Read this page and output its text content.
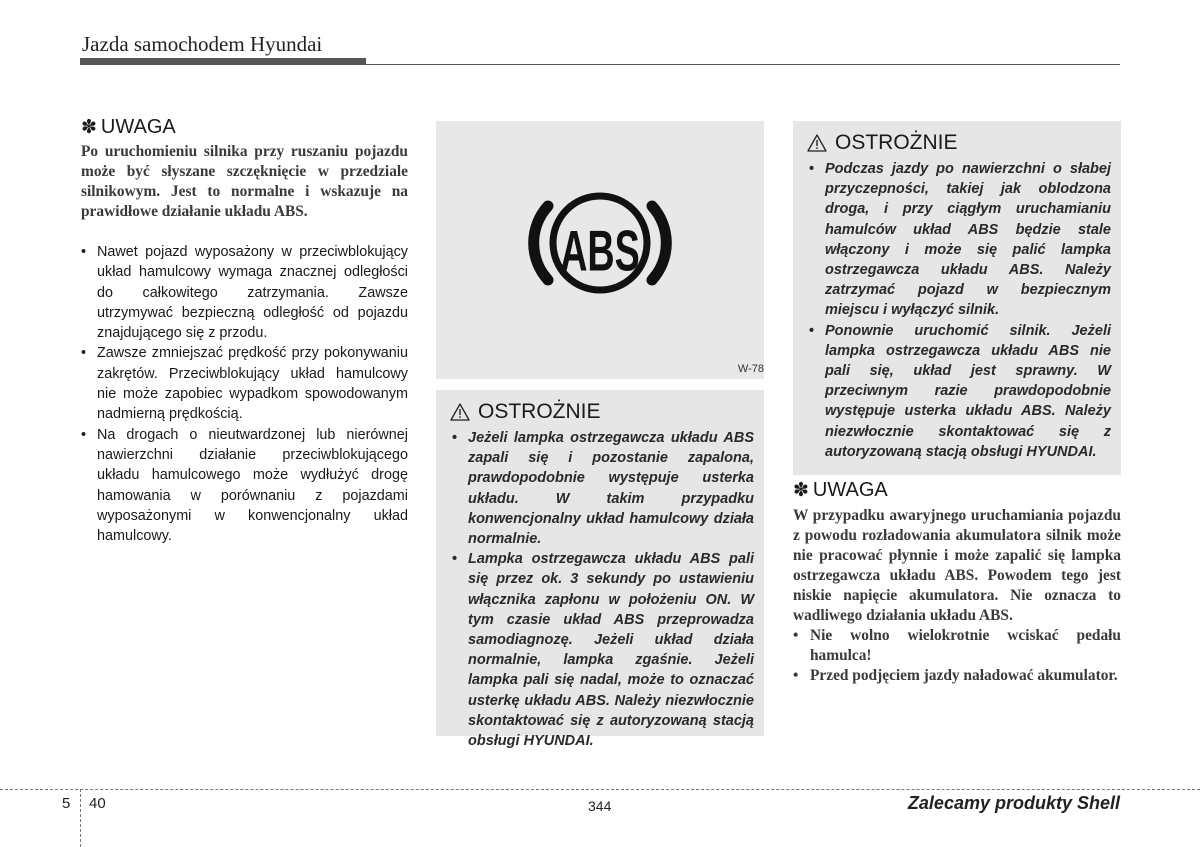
Jazda samochodem Hyundai
✽ UWAGA

Po uruchomieniu silnika przy ruszaniu pojazdu może być słyszane szczęknięcie w przedziale silnikowym. Jest to normalne i wskazuje na prawidłowe działanie układu ABS.

• Nawet pojazd wyposażony w przeciwblokujący układ hamulcowy wymaga znacznej odległości do całkowitego zatrzymania. Zawsze utrzymywać bezpieczną odległość od pojazdu znajdującego się z przodu.
• Zawsze zmniejszać prędkość przy pokonywaniu zakrętów. Przeciwblokujący układ hamulcowy nie może zapobiec wypadkom spowodowanym nadmierną prędkością.
• Na drogach o nieutwardzonej lub nierównej nawierzchni działanie przeciwblokującego układu hamulcowego może wydłużyć drogę hamowania w porównaniu z pojazdami wyposażonymi w konwencjonalny układ hamulcowy.
ABS
W-78
OSTROŻNIE
• Jeżeli lampka ostrzegawcza układu ABS zapali się i pozostanie zapalona, prawdopodobnie występuje usterka układu. W takim przypadku konwencjonalny układ hamulcowy działa normalnie.
• Lampka ostrzegawcza układu ABS pali się przez ok. 3 sekundy po ustawieniu włącznika zapłonu w położeniu ON. W tym czasie układ ABS przeprowadza samodiagnozę. Jeżeli układ działa normalnie, lampka zgaśnie. Jeżeli lampka pali się nadal, może to oznaczać usterkę układu ABS. Należy niezwłocznie skontaktować się z autoryzowaną stacją obsługi HYUNDAI.
OSTROŻNIE
• Podczas jazdy po nawierzchni o słabej przyczepności, takiej jak oblodzona droga, i przy ciągłym uruchamianiu hamulców układ ABS będzie stale włączony i może się palić lampka ostrzegawcza układu ABS. Należy zatrzymać pojazd w bezpiecznym miejscu i wyłączyć silnik.
• Ponownie uruchomić silnik. Jeżeli lampka ostrzegawcza układu ABS nie pali się, układ jest sprawny. W przeciwnym razie prawdopodobnie występuje usterka układu ABS. Należy niezwłocznie skontaktować się z autoryzowaną stacją obsługi HYUNDAI.
✽ UWAGA

W przypadku awaryjnego uruchamiania pojazdu z powodu rozładowania akumulatora silnik może nie pracować płynnie i może zapalić się lampka ostrzegawcza układu ABS. Powodem tego jest niskie napięcie akumulatora. Nie oznacza to wadliwego działania układu ABS.

• Nie wolno wielokrotnie wciskać pedału hamulca!
• Przed podjęciem jazdy naładować akumulator.
5 40	344	Zalecamy produkty Shell
